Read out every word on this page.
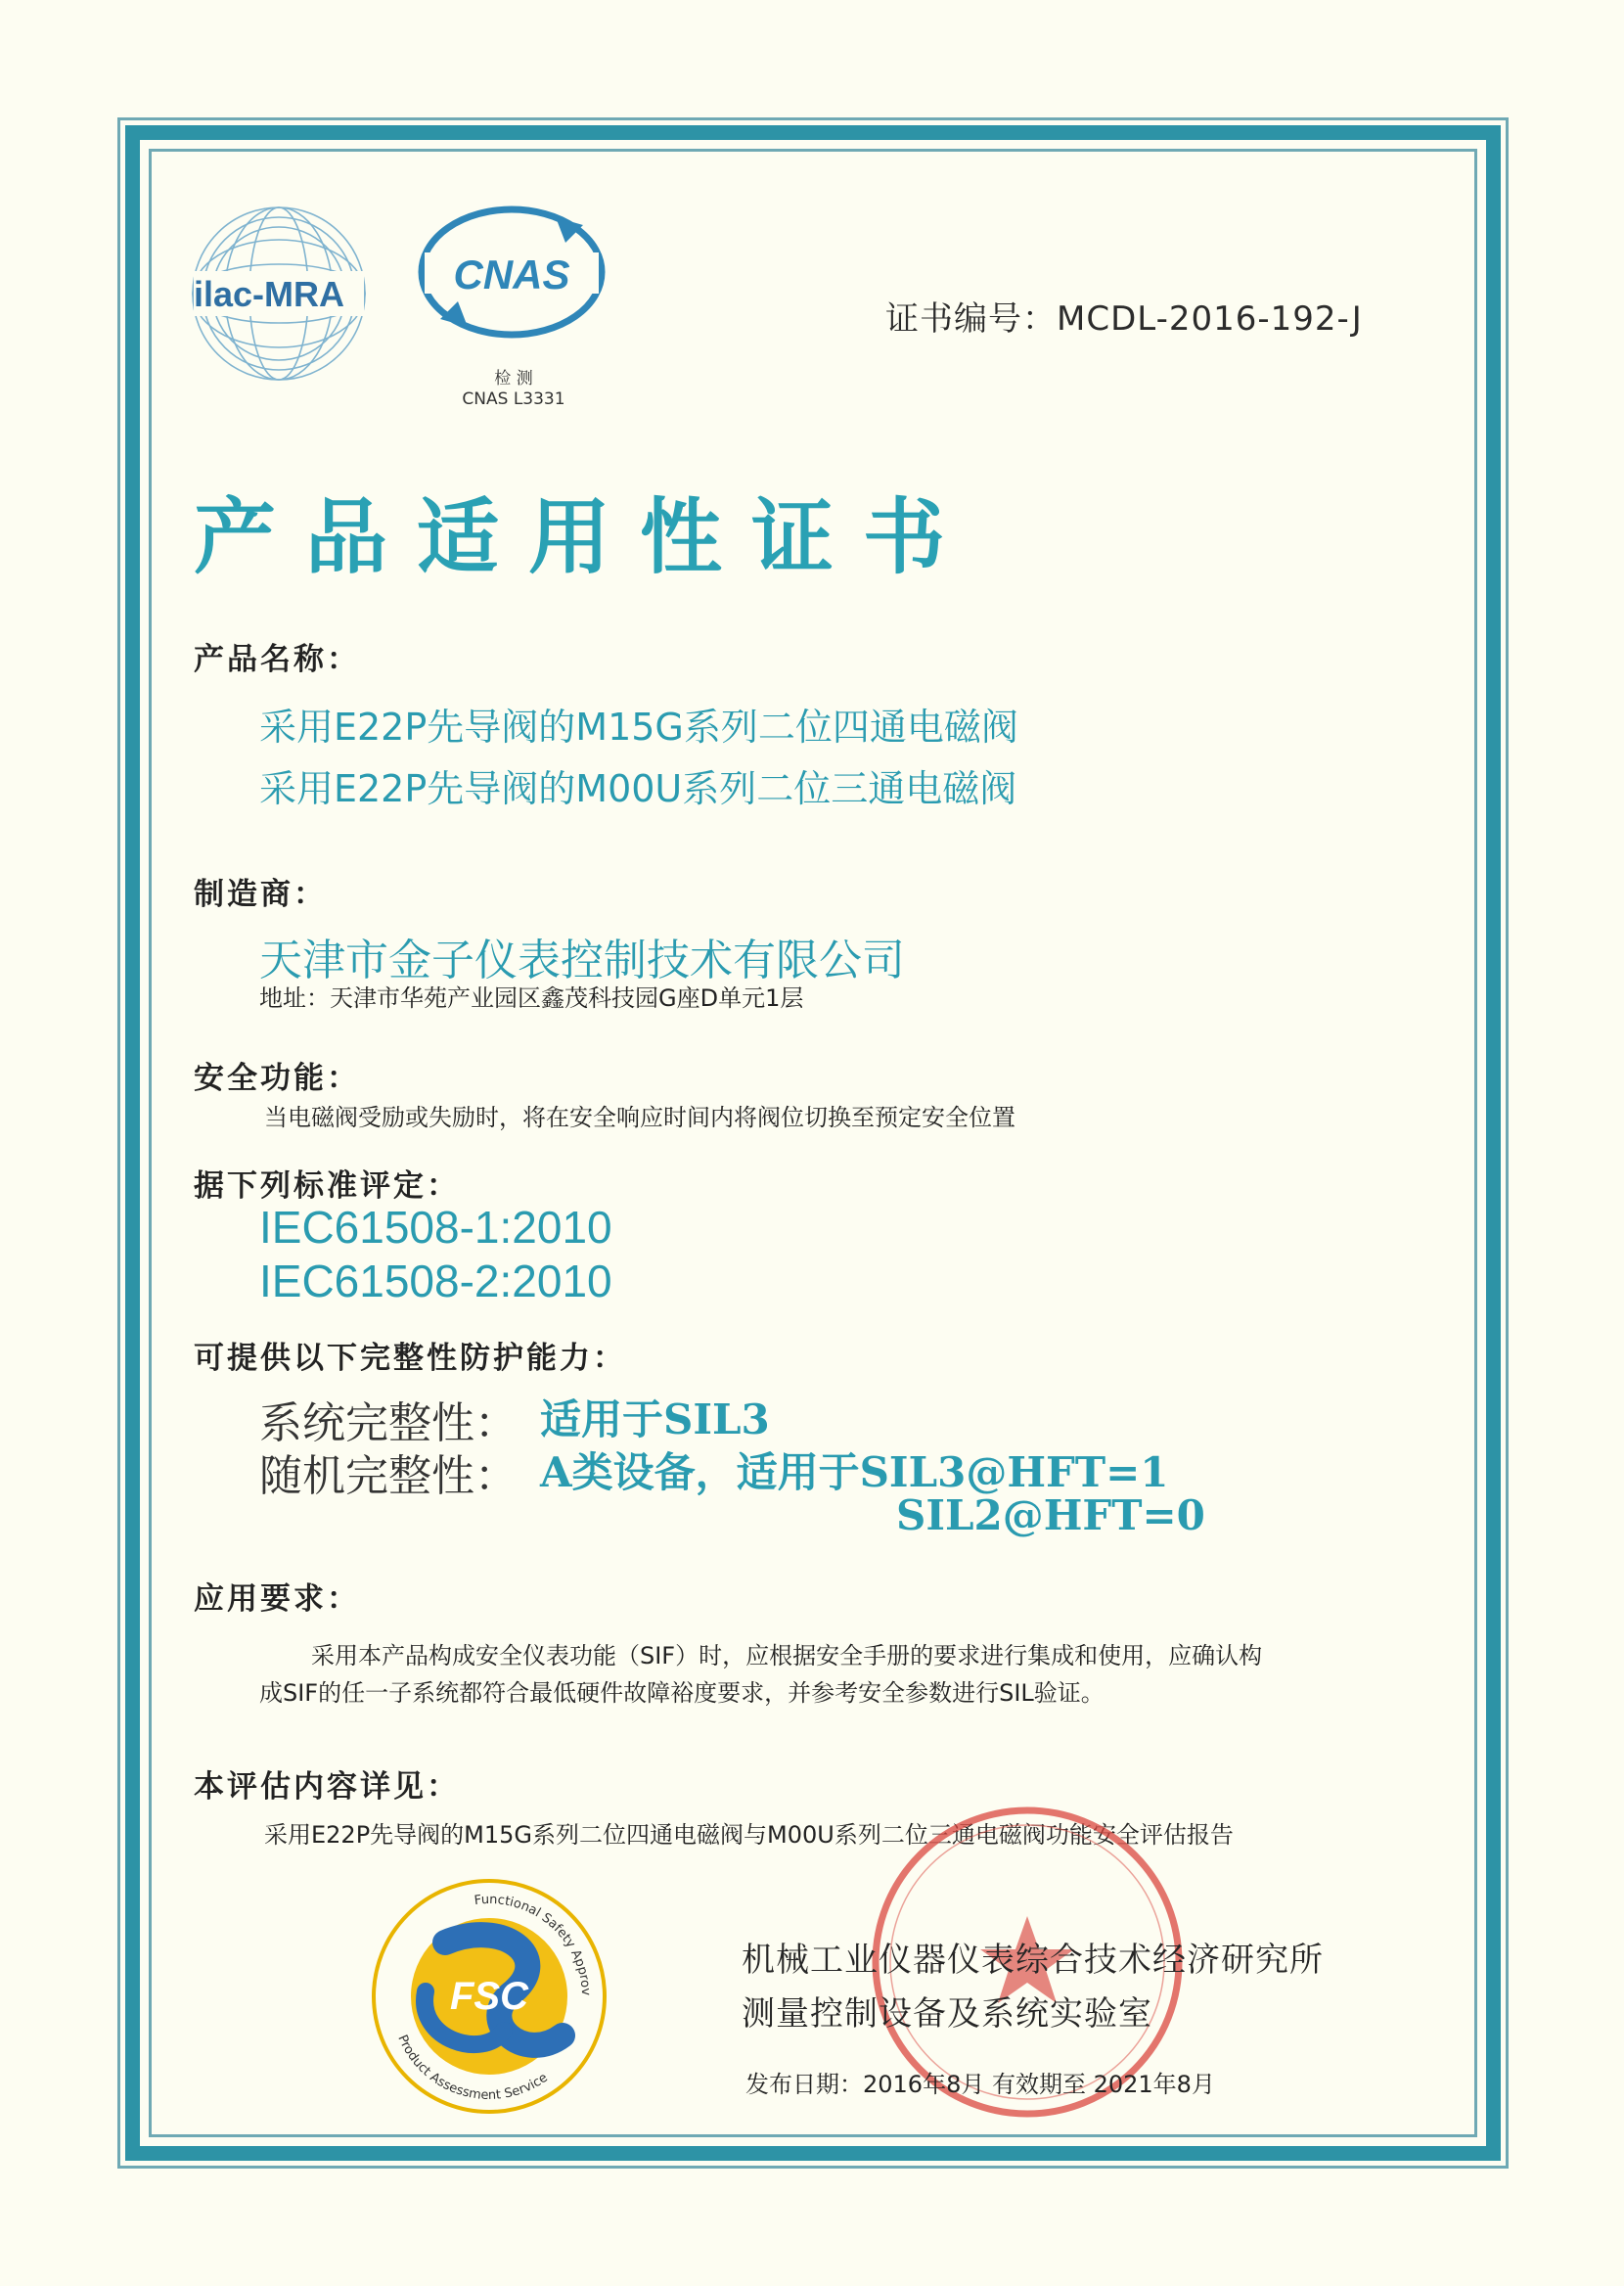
ilac-MRA	CNAS
检 测
CNAS L3331
证书编号：MCDL-2016-192-J
产品适用性证书
产品名称：
采用E22P先导阀的M15G系列二位四通电磁阀
采用E22P先导阀的M00U系列二位三通电磁阀
制造商：
天津市金子仪表控制技术有限公司
地址：天津市华苑产业园区鑫茂科技园G座D单元1层
安全功能：
当电磁阀受励或失励时，将在安全响应时间内将阀位切换至预定安全位置
据下列标准评定：
IEC61508-1:2010
IEC61508-2:2010
可提供以下完整性防护能力：
系统完整性： 适用于SIL3
随机完整性： A类设备，适用于SIL3@HFT=1
SIL2@HFT=0
应用要求：
采用本产品构成安全仪表功能（SIF）时，应根据安全手册的要求进行集成和使用，应确认构
成SIF的任一子系统都符合最低硬件故障裕度要求，并参考安全参数进行SIL验证。
本评估内容详见：
采用E22P先导阀的M15G系列二位四通电磁阀与M00U系列二位三通电磁阀功能安全评估报告
FSC
Functional Safety Approv
Product Assessment Service
机械工业仪器仪表综合技术经济研究所
测量控制设备及系统实验室
发布日期：2016年8月 有效期至 2021年8月
